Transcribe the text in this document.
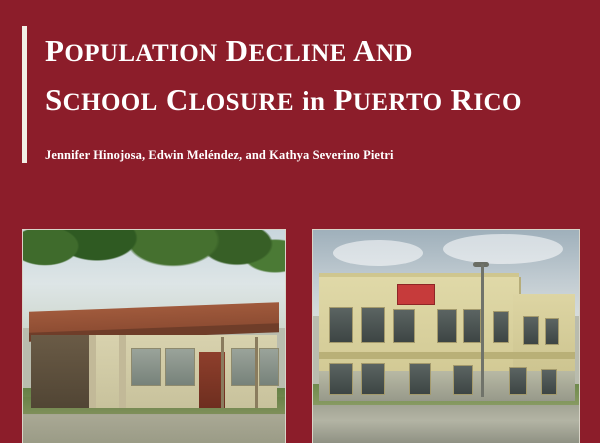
POPULATION DECLINE AND
SCHOOL CLOSURE in PUERTO RICO
Jennifer Hinojosa, Edwin Meléndez, and Kathya Severino Pietri
